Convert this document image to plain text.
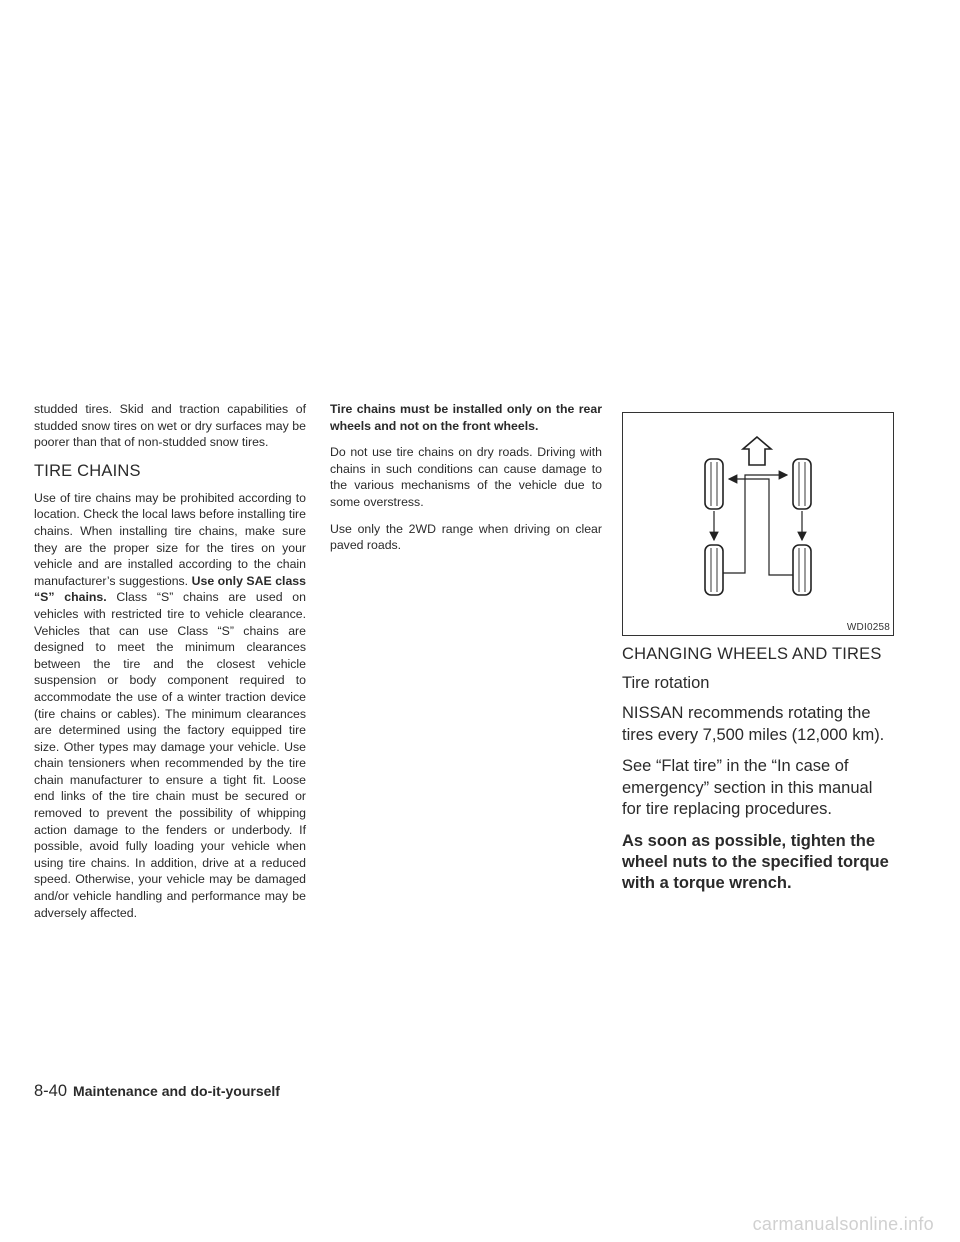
studded tires. Skid and traction capabilities of studded snow tires on wet or dry surfaces may be poorer than that of non-studded snow tires.

TIRE CHAINS

Use of tire chains may be prohibited according to location. Check the local laws before installing tire chains. When installing tire chains, make sure they are the proper size for the tires on your vehicle and are installed according to the chain manufacturer’s suggestions. Use only SAE class “S” chains. Class “S” chains are used on vehicles with restricted tire to vehicle clearance. Vehicles that can use Class “S” chains are designed to meet the minimum clearances between the tire and the closest vehicle suspension or body component required to accommodate the use of a winter traction device (tire chains or cables). The minimum clearances are determined using the factory equipped tire size. Other types may damage your vehicle. Use chain tensioners when recommended by the tire chain manufacturer to ensure a tight fit. Loose end links of the tire chain must be secured or removed to prevent the possibility of whipping action damage to the fenders or underbody. If possible, avoid fully loading your vehicle when using tire chains. In addition, drive at a reduced speed. Otherwise, your vehicle may be damaged and/or vehicle handling and performance may be adversely affected.

Tire chains must be installed only on the rear wheels and not on the front wheels.

Do not use tire chains on dry roads. Driving with chains in such conditions can cause damage to the various mechanisms of the vehicle due to some overstress.

Use only the 2WD range when driving on clear paved roads.

WDI0258
CHANGING WHEELS AND TIRES
Tire rotation

NISSAN recommends rotating the tires every 7,500 miles (12,000 km).

See “Flat tire” in the “In case of emergency” section in this manual for tire replacing procedures.

As soon as possible, tighten the wheel nuts to the specified torque with a torque wrench.

8-40 Maintenance and do-it-yourself
carmanualsonline.info
